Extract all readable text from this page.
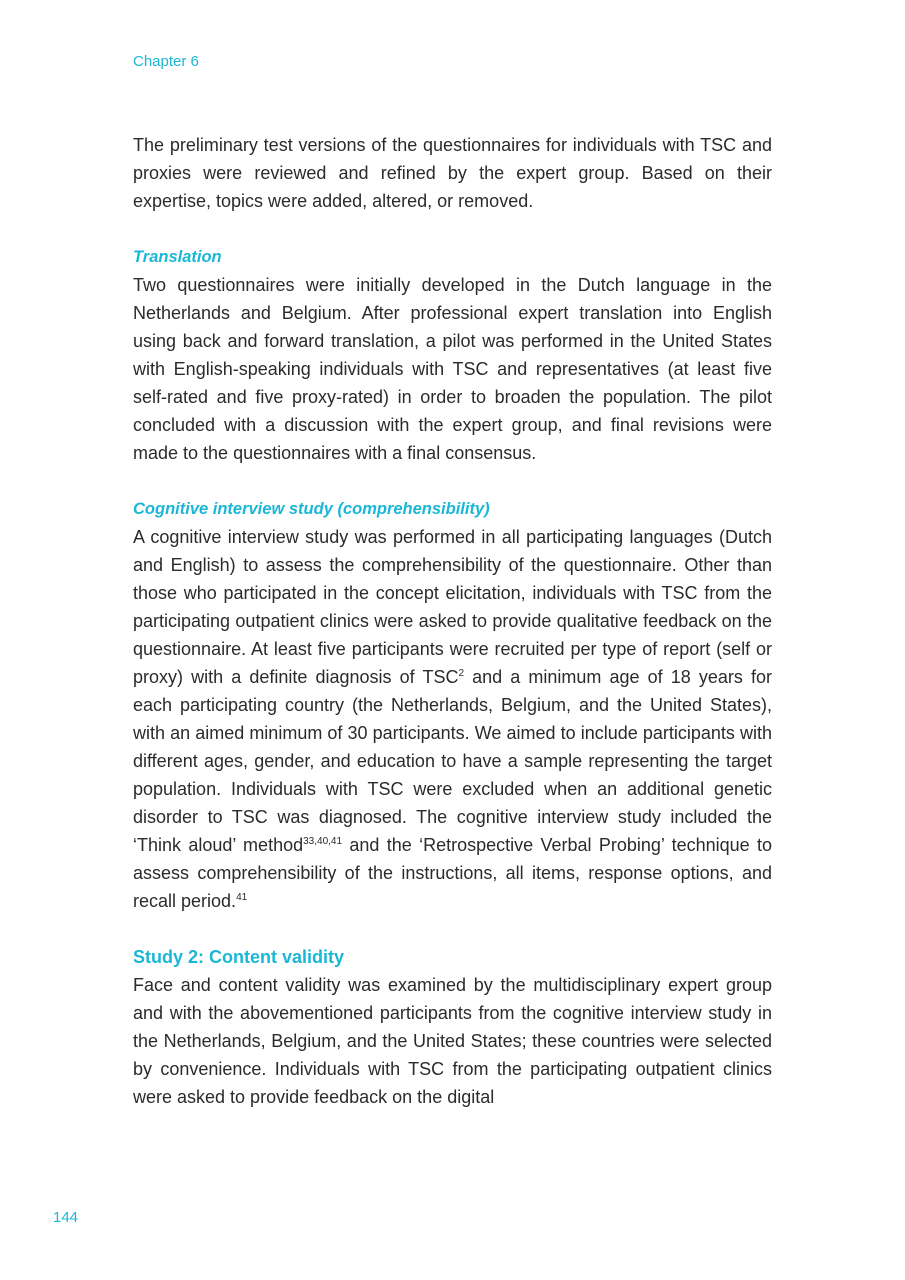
Chapter 6

The preliminary test versions of the questionnaires for individuals with TSC and proxies were reviewed and refined by the expert group. Based on their expertise, topics were added, altered, or removed.

Translation

Two questionnaires were initially developed in the Dutch language in the Netherlands and Belgium. After professional expert translation into English using back and forward translation, a pilot was performed in the United States with English-speaking individuals with TSC and representatives (at least five self-rated and five proxy-rated) in order to broaden the population. The pilot concluded with a discussion with the expert group, and final revisions were made to the questionnaires with a final consensus.

Cognitive interview study (comprehensibility)

A cognitive interview study was performed in all participating languages (Dutch and English) to assess the comprehensibility of the questionnaire. Other than those who participated in the concept elicitation, individuals with TSC from the participating outpatient clinics were asked to provide qualitative feedback on the questionnaire. At least five participants were recruited per type of report (self or proxy) with a definite diagnosis of TSC$^2$ and a minimum age of 18 years for each participating country (the Netherlands, Belgium, and the United States), with an aimed minimum of 30 participants. We aimed to include participants with different ages, gender, and education to have a sample representing the target population. Individuals with TSC were excluded when an additional genetic disorder to TSC was diagnosed. The cognitive interview study included the ‘Think aloud’ method$^{33,40,41}$ and the ‘Retrospective Verbal Probing’ technique to assess comprehensibility of the instructions, all items, response options, and recall period.$^{41}$

Study 2: Content validity

Face and content validity was examined by the multidisciplinary expert group and with the abovementioned participants from the cognitive interview study in the Netherlands, Belgium, and the United States; these countries were selected by convenience. Individuals with TSC from the participating outpatient clinics were asked to provide feedback on the digital

144
